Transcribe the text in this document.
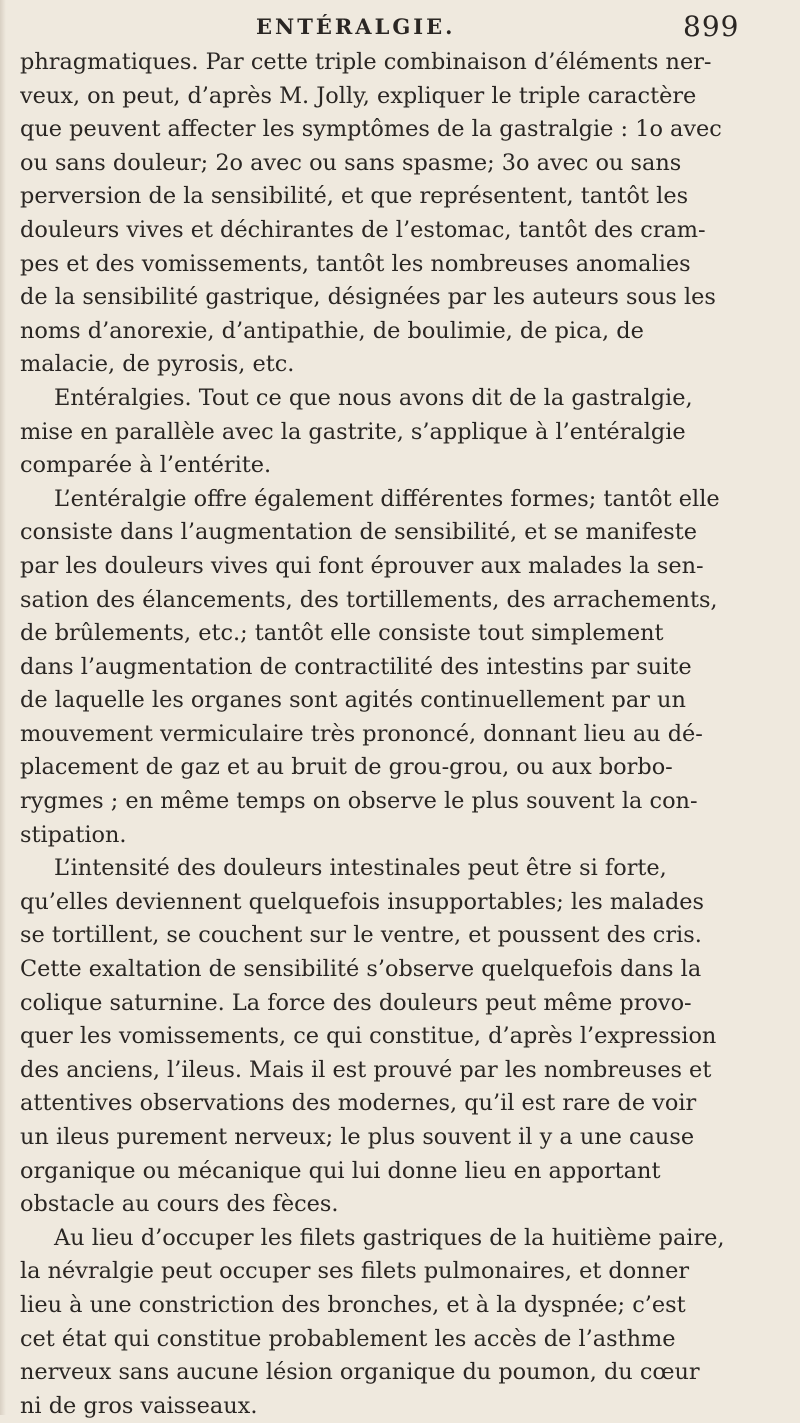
ENTÉRALGIE.	899
phragmatiques. Par cette triple combinaison d’éléments ner-
veux, on peut, d’après M. Jolly, expliquer le triple caractère
que peuvent affecter les symptômes de la gastralgie : 1o avec
ou sans douleur; 2o avec ou sans spasme; 3o avec ou sans
perversion de la sensibilité, et que représentent, tantôt les
douleurs vives et déchirantes de l’estomac, tantôt des cram-
pes et des vomissements, tantôt les nombreuses anomalies
de la sensibilité gastrique, désignées par les auteurs sous les
noms d’anorexie, d’antipathie, de boulimie, de pica, de
malacie, de pyrosis, etc.
Entéralgies. Tout ce que nous avons dit de la gastralgie,
mise en parallèle avec la gastrite, s’applique à l’entéralgie
comparée à l’entérite.
L’entéralgie offre également différentes formes; tantôt elle
consiste dans l’augmentation de sensibilité, et se manifeste
par les douleurs vives qui font éprouver aux malades la sen-
sation des élancements, des tortillements, des arrachements,
de brûlements, etc.; tantôt elle consiste tout simplement
dans l’augmentation de contractilité des intestins par suite
de laquelle les organes sont agités continuellement par un
mouvement vermiculaire très prononcé, donnant lieu au dé-
placement de gaz et au bruit de grou-grou, ou aux borbo-
rygmes ; en même temps on observe le plus souvent la con-
stipation.
L’intensité des douleurs intestinales peut être si forte,
qu’elles deviennent quelquefois insupportables; les malades
se tortillent, se couchent sur le ventre, et poussent des cris.
Cette exaltation de sensibilité s’observe quelquefois dans la
colique saturnine. La force des douleurs peut même provo-
quer les vomissements, ce qui constitue, d’après l’expression
des anciens, l’ileus. Mais il est prouvé par les nombreuses et
attentives observations des modernes, qu’il est rare de voir
un ileus purement nerveux; le plus souvent il y a une cause
organique ou mécanique qui lui donne lieu en apportant
obstacle au cours des fèces.
Au lieu d’occuper les filets gastriques de la huitième paire,
la névralgie peut occuper ses filets pulmonaires, et donner
lieu à une constriction des bronches, et à la dyspnée; c’est
cet état qui constitue probablement les accès de l’asthme
nerveux sans aucune lésion organique du poumon, du cœur
ni de gros vaisseaux.
